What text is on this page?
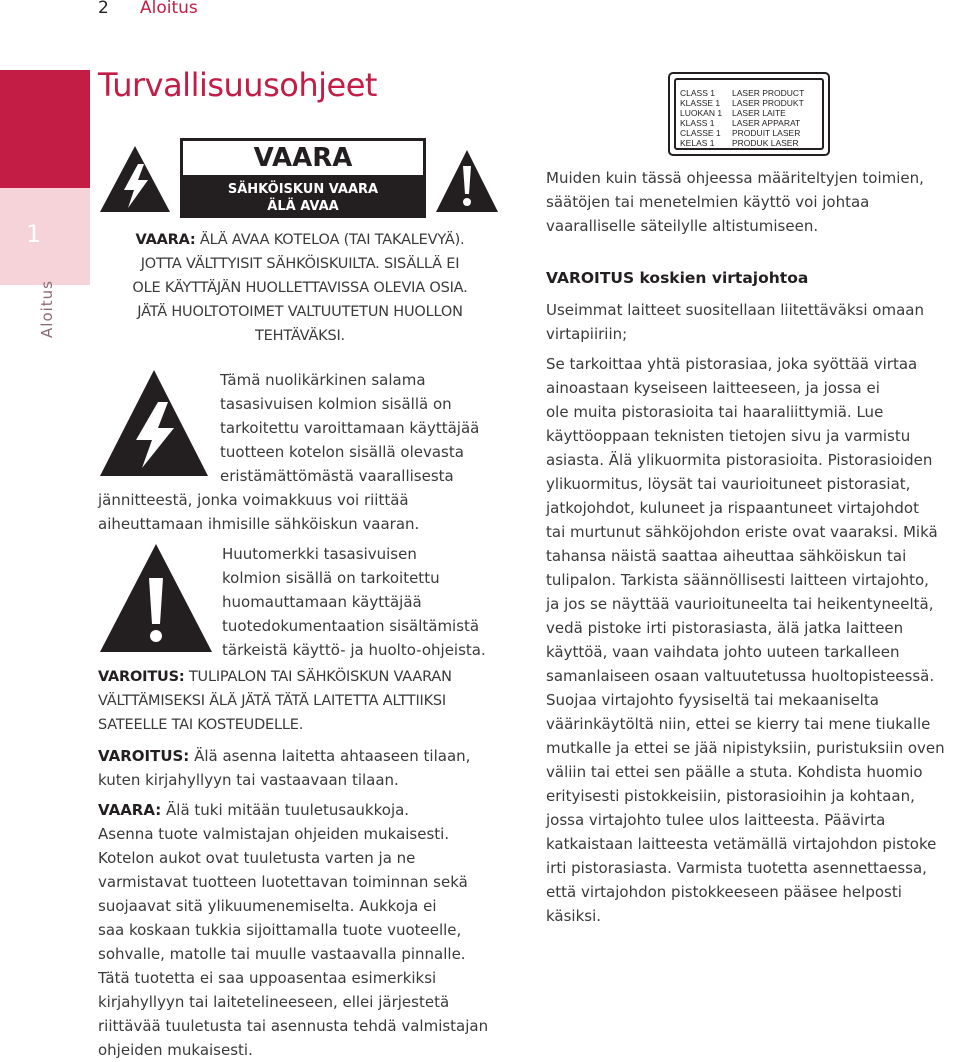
2 Aloitus
1
Aloitus
Turvallisuusohjeet
VAARA
SÄHKÖISKUN VAARA
ÄLÄ AVAA
VAARA: ÄLÄ AVAA KOTELOA (TAI TAKALEVYÄ).
JOTTA VÄLTTYISIT SÄHKÖISKUILTA. SISÄLLÄ EI
OLE KÄYTTÄJÄN HUOLLETTAVISSA OLEVIA OSIA.
JÄTÄ HUOLTOTOIMET VALTUUTETUN HUOLLON
TEHTÄVÄKSI.
Tämä nuolikärkinen salama
tasasivuisen kolmion sisällä on
tarkoitettu varoittamaan käyttäjää
tuotteen kotelon sisällä olevasta
eristämättömästä vaarallisesta
jännitteestä, jonka voimakkuus voi riittää
aiheuttamaan ihmisille sähköiskun vaaran.
Huutomerkki tasasivuisen
kolmion sisällä on tarkoitettu
huomauttamaan käyttäjää
tuotedokumentaation sisältämistä
tärkeistä käyttö- ja huolto-ohjeista.
VAROITUS: TULIPALON TAI SÄHKÖISKUN VAARAN
VÄLTTÄMISEKSI ÄLÄ JÄTÄ TÄTÄ LAITETTA ALTTIIKSI
SATEELLE TAI KOSTEUDELLE.
VAROITUS: Älä asenna laitetta ahtaaseen tilaan,
kuten kirjahyllyyn tai vastaavaan tilaan.
VAARA: Älä tuki mitään tuuletusaukkoja.
Asenna tuote valmistajan ohjeiden mukaisesti.
Kotelon aukot ovat tuuletusta varten ja ne
varmistavat tuotteen luotettavan toiminnan sekä
suojaavat sitä ylikuumenemiselta. Aukkoja ei
saa koskaan tukkia sijoittamalla tuote vuoteelle,
sohvalle, matolle tai muulle vastaavalla pinnalle.
Tätä tuotetta ei saa uppoasentaa esimerkiksi
kirjahyllyyn tai laitetelineeseen, ellei järjestetä
riittävää tuuletusta tai asennusta tehdä valmistajan
ohjeiden mukaisesti.
CLASS 1 LASER PRODUCT
KLASSE 1 LASER PRODUKT
LUOKAN 1 LASER LAITE
KLASS 1 LASER APPARAT
CLASSE 1 PRODUIT LASER
KELAS 1 PRODUK LASER
Muiden kuin tässä ohjeessa määriteltyjen toimien,
säätöjen tai menetelmien käyttö voi johtaa
vaaralliselle säteilylle altistumiseen.
VAROITUS koskien virtajohtoa
Useimmat laitteet suositellaan liitettäväksi omaan
virtapiiriin;
Se tarkoittaa yhtä pistorasiaa, joka syöttää virtaa
ainoastaan kyseiseen laitteeseen, ja jossa ei
ole muita pistorasioita tai haaraliittymiä. Lue
käyttöoppaan teknisten tietojen sivu ja varmistu
asiasta. Älä ylikuormita pistorasioita. Pistorasioiden
ylikuormitus, löysät tai vaurioituneet pistorasiat,
jatkojohdot, kuluneet ja rispaantuneet virtajohdot
tai murtunut sähköjohdon eriste ovat vaaraksi. Mikä
tahansa näistä saattaa aiheuttaa sähköiskun tai
tulipalon. Tarkista säännöllisesti laitteen virtajohto,
ja jos se näyttää vaurioituneelta tai heikentyneeltä,
vedä pistoke irti pistorasiasta, älä jatka laitteen
käyttöä, vaan vaihdata johto uuteen tarkalleen
samanlaiseen osaan valtuutetussa huoltopisteessä.
Suojaa virtajohto fyysiseltä tai mekaaniselta
väärinkäytöltä niin, ettei se kierry tai mene tiukalle
mutkalle ja ettei se jää nipistyksiin, puristuksiin oven
väliin tai ettei sen päälle a stuta. Kohdista huomio
erityisesti pistokkeisiin, pistorasioihin ja kohtaan,
jossa virtajohto tulee ulos laitteesta. Päävirta
katkaistaan laitteesta vetämällä virtajohdon pistoke
irti pistorasiasta. Varmista tuotetta asennettaessa,
että virtajohdon pistokkeeseen pääsee helposti
käsiksi.
